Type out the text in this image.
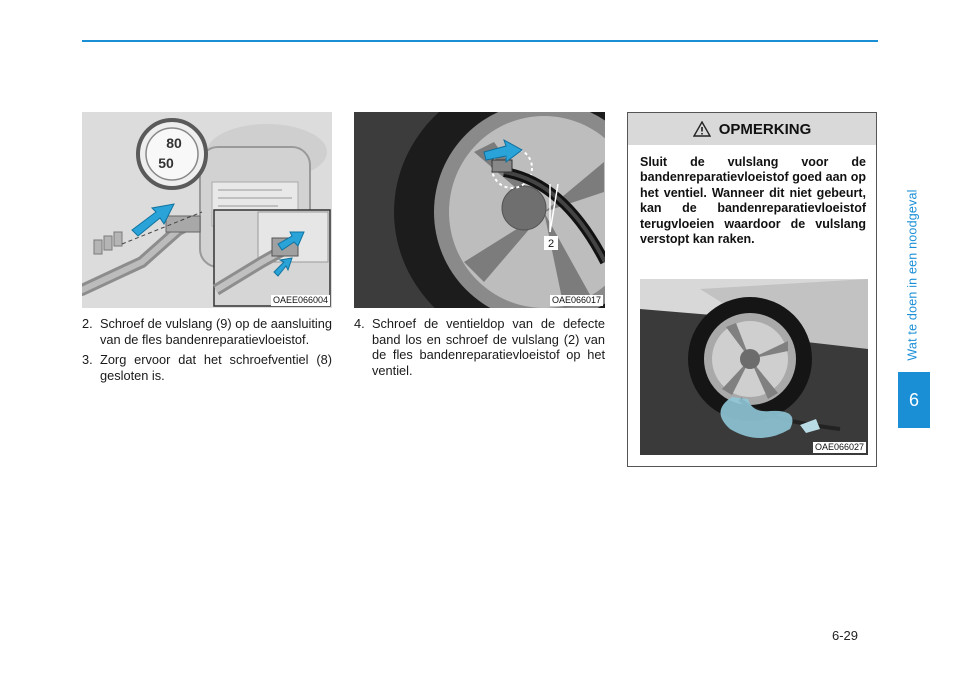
Wat te doen in een noodgeval
6
80
50
OAEE066004
2
OAE066017
2. Schroef de vulslang (9) op de aansluiting van de fles bandenreparatievloeistof.
3. Zorg ervoor dat het schroefventiel (8) gesloten is.
4. Schroef de ventieldop van de defecte band los en schroef de vulslang (2) van de fles bandenreparatievloeistof op het ventiel.
OPMERKING
Sluit de vulslang voor de bandenreparatievloeistof goed aan op het ventiel. Wanneer dit niet gebeurt, kan de bandenreparatievloeistof terugvloeien waardoor de vulslang verstopt kan raken.
OAE066027
6-29
